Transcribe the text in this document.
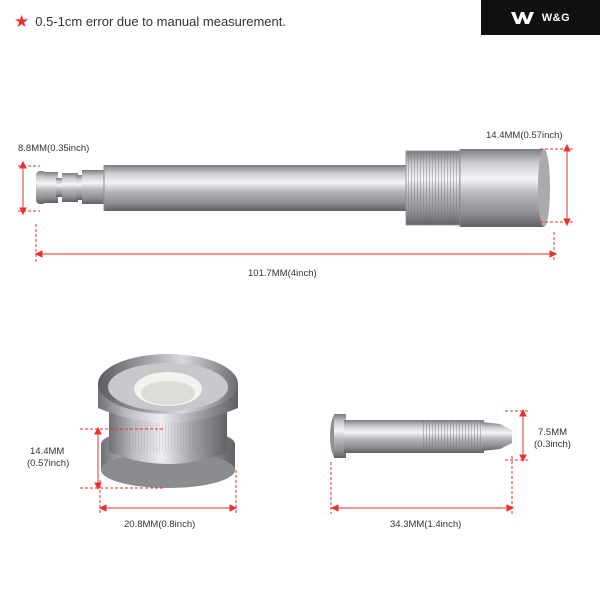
★ 0.5-1cm error due to manual measurement.	W&G
8.8MM(0.35inch)
14.4MM(0.57inch)
101.7MM(4inch)
14.4MM
(0.57inch)
20.8MM(0.8inch)
7.5MM
(0.3inch)
34.3MM(1.4inch)
